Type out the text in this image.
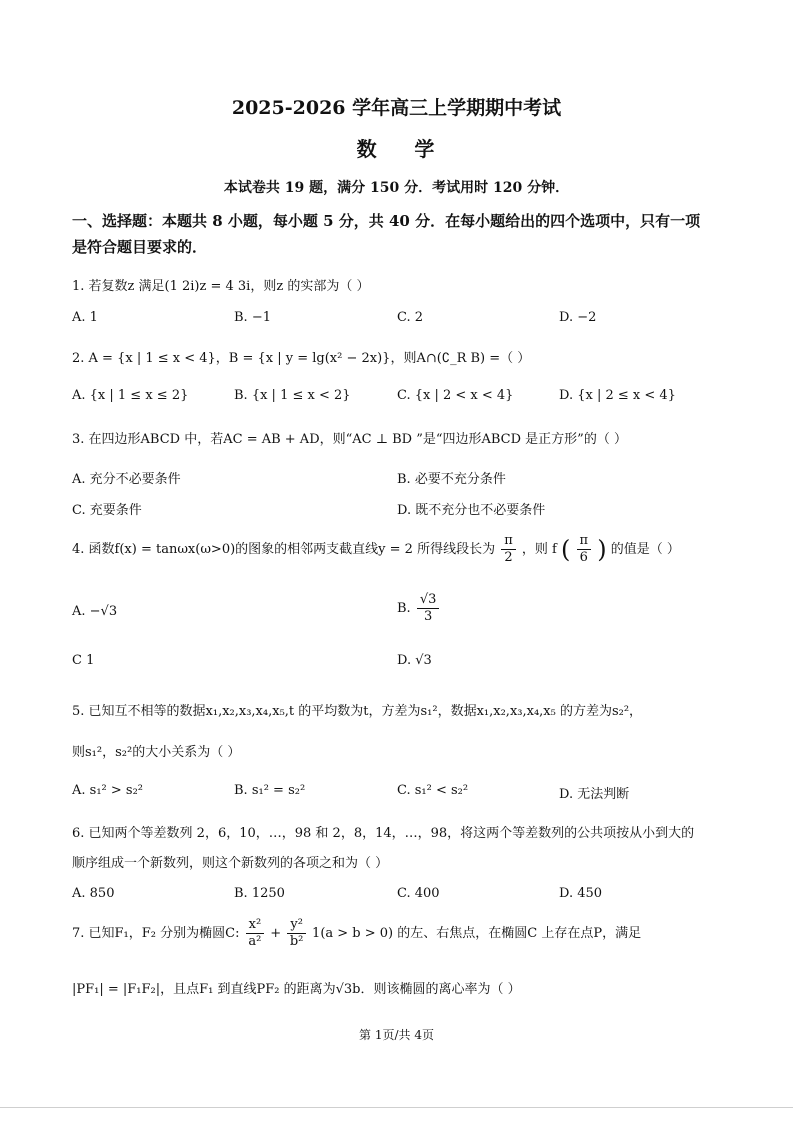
2025-2026 学年高三上学期期中考试
数    学
本试卷共 19 题，满分 150 分．考试用时 120 分钟．
一、选择题：本题共 8 小题，每小题 5 分，共 40 分．在每小题给出的四个选项中，只有一项
是符合题目要求的．
1. 若复数z 满足(1 2i)z = 4 3i，则z 的实部为（ ）
A. 1	B. −1	C. 2	D. −2
2. A = {x | 1 ≤ x < 4}，B = {x | y = lg(x² − 2x)}，则A∩(∁_R B) =（ ）
A. {x | 1 ≤ x ≤ 2}	B. {x | 1 ≤ x < 2}	C. {x | 2 < x < 4}	D. {x | 2 ≤ x < 4}
3. 在四边形ABCD 中，若AC = AB + AD，则“AC ⊥ BD ”是“四边形ABCD 是正方形”的（ ）
A. 充分不必要条件	B. 必要不充分条件
C. 充要条件	D. 既不充分也不必要条件
4. 函数f(x) = tanωx(ω>0)的图象的相邻两支截直线y = 2 所得线段长为 $\frac{\pi}{2}$ ，则 f ( $\frac{\pi}{6}$ ) 的值是（ ）
A. −√3	B. $\frac{√3}{3}$
C 1	D. √3
5. 已知互不相等的数据x₁,x₂,x₃,x₄,x₅,t 的平均数为t，方差为s₁²，数据x₁,x₂,x₃,x₄,x₅ 的方差为s₂²，
则s₁²，s₂²的大小关系为（ ）
A. s₁² > s₂²	B. s₁² = s₂²	C. s₁² < s₂²	D. 无法判断
6. 已知两个等差数列 2，6，10，…，98 和 2，8，14，…，98，将这两个等差数列的公共项按从小到大的
顺序组成一个新数列，则这个新数列的各项之和为（ ）
A. 850	B. 1250	C. 400	D. 450
7. 已知F₁，F₂ 分别为椭圆C: $\frac{\text{x²}}{\text{a²}} + \frac{\text{y²}}{\text{b²}} 1(a > b > 0)$ 的左、右焦点，在椭圆C 上存在点P，满足
|PF₁| = |F₁F₂|，且点F₁ 到直线PF₂ 的距离为√3b．则该椭圆的离心率为（ ）
第 1页/共 4页
